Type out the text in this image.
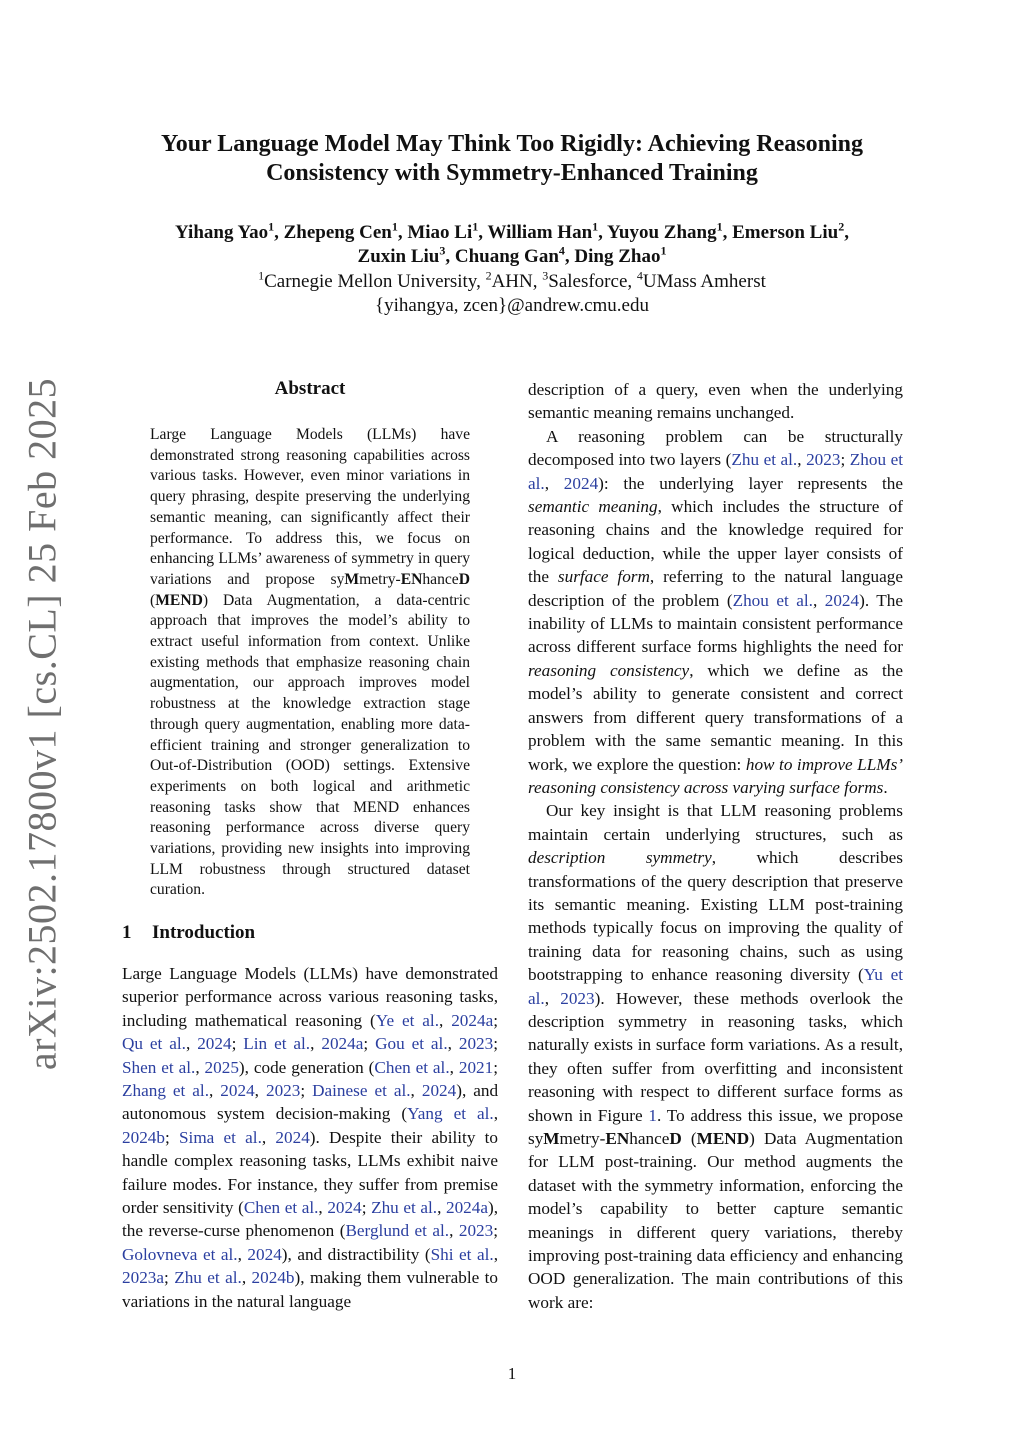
arXiv:2502.17800v1 [cs.CL] 25 Feb 2025
Your Language Model May Think Too Rigidly: Achieving Reasoning
Consistency with Symmetry-Enhanced Training
Yihang Yao$^1$, Zhepeng Cen$^1$, Miao Li$^1$, William Han$^1$, Yuyou Zhang$^1$, Emerson Liu$^2$,
Zuxin Liu$^3$, Chuang Gan$^4$, Ding Zhao$^1$
$^1$Carnegie Mellon University, $^2$AHN, $^3$Salesforce, $^4$UMass Amherst
{yihangya, zcen}@andrew.cmu.edu
Abstract

Large Language Models (LLMs) have demonstrated strong reasoning capabilities across various tasks. However, even minor variations in query phrasing, despite preserving the underlying semantic meaning, can significantly affect their performance. To address this, we focus on enhancing LLMs’ awareness of symmetry in query variations and propose syMmetry-ENhanceD (MEND) Data Augmentation, a data-centric approach that improves the model’s ability to extract useful information from context. Unlike existing methods that emphasize reasoning chain augmentation, our approach improves model robustness at the knowledge extraction stage through query augmentation, enabling more data-efficient training and stronger generalization to Out-of-Distribution (OOD) settings. Extensive experiments on both logical and arithmetic reasoning tasks show that MEND enhances reasoning performance across diverse query variations, providing new insights into improving LLM robustness through structured dataset curation.

1 Introduction

Large Language Models (LLMs) have demonstrated superior performance across various reasoning tasks, including mathematical reasoning (Ye et al., 2024a; Qu et al., 2024; Lin et al., 2024a; Gou et al., 2023; Shen et al., 2025), code generation (Chen et al., 2021; Zhang et al., 2024, 2023; Dainese et al., 2024), and autonomous system decision-making (Yang et al., 2024b; Sima et al., 2024). Despite their ability to handle complex reasoning tasks, LLMs exhibit naive failure modes. For instance, they suffer from premise order sensitivity (Chen et al., 2024; Zhu et al., 2024a), the reverse-curse phenomenon (Berglund et al., 2023; Golovneva et al., 2024), and distractibility (Shi et al., 2023a; Zhu et al., 2024b), making them vulnerable to variations in the natural language

description of a query, even when the underlying semantic meaning remains unchanged.

A reasoning problem can be structurally decomposed into two layers (Zhu et al., 2023; Zhou et al., 2024): the underlying layer represents the semantic meaning, which includes the structure of reasoning chains and the knowledge required for logical deduction, while the upper layer consists of the surface form, referring to the natural language description of the problem (Zhou et al., 2024). The inability of LLMs to maintain consistent performance across different surface forms highlights the need for reasoning consistency, which we define as the model’s ability to generate consistent and correct answers from different query transformations of a problem with the same semantic meaning. In this work, we explore the question: how to improve LLMs’ reasoning consistency across varying surface forms.

Our key insight is that LLM reasoning problems maintain certain underlying structures, such as description symmetry, which describes transformations of the query description that preserve its semantic meaning. Existing LLM post-training methods typically focus on improving the quality of training data for reasoning chains, such as using bootstrapping to enhance reasoning diversity (Yu et al., 2023). However, these methods overlook the description symmetry in reasoning tasks, which naturally exists in surface form variations. As a result, they often suffer from overfitting and inconsistent reasoning with respect to different surface forms as shown in Figure 1. To address this issue, we propose syMmetry-ENhanceD (MEND) Data Augmentation for LLM post-training. Our method augments the dataset with the symmetry information, enforcing the model’s capability to better capture semantic meanings in different query variations, thereby improving post-training data efficiency and enhancing OOD generalization. The main contributions of this work are:

1
